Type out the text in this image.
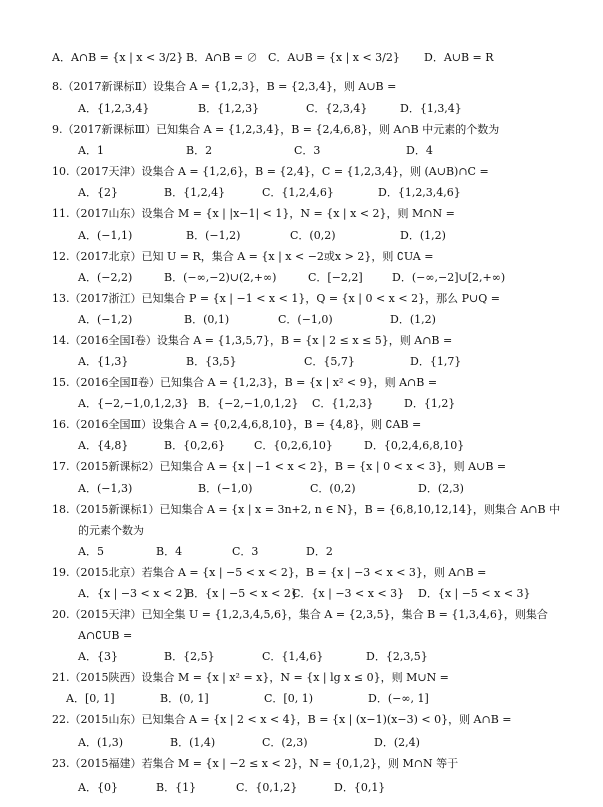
A．A∩B = {x | x < 3/2} B．A∩B = ∅ C．A∪B = {x | x < 3/2} D．A∪B = R
8.（2017新课标Ⅱ）设集合 A = {1,2,3}，B = {2,3,4}，则 A∪B =
A．{1,2,3,4}	B．{1,2,3}	C．{2,3,4}	D．{1,3,4}
9.（2017新课标Ⅲ）已知集合 A = {1,2,3,4}，B = {2,4,6,8}，则 A∩B 中元素的个数为
A．1	B．2	C．3	D．4
10.（2017天津）设集合 A = {1,2,6}，B = {2,4}，C = {1,2,3,4}，则 (A∪B)∩C =
A．{2}	B．{1,2,4}	C．{1,2,4,6}	D．{1,2,3,4,6}
11.（2017山东）设集合 M = {x | |x−1| < 1}，N = {x | x < 2}，则 M∩N =
A．(−1,1)	B．(−1,2)	C．(0,2)	D．(1,2)
12.（2017北京）已知 U = R，集合 A = {x | x < −2或x > 2}，则 ∁UA =
A．(−2,2)	B．(−∞,−2)∪(2,+∞)	C．[−2,2]	D．(−∞,−2]∪[2,+∞)
13.（2017浙江）已知集合 P = {x | −1 < x < 1}，Q = {x | 0 < x < 2}，那么 P∪Q =
A．(−1,2)	B．(0,1)	C．(−1,0)	D．(1,2)
14.（2016全国Ⅰ卷）设集合 A = {1,3,5,7}，B = {x | 2 ≤ x ≤ 5}，则 A∩B =
A．{1,3}	B．{3,5}	C．{5,7}	D．{1,7}
15.（2016全国Ⅱ卷）已知集合 A = {1,2,3}，B = {x | x² < 9}，则 A∩B =
A．{−2,−1,0,1,2,3} B．{−2,−1,0,1,2} C．{1,2,3}	D．{1,2}
16.（2016全国Ⅲ）设集合 A = {0,2,4,6,8,10}，B = {4,8}，则 ∁AB =
A．{4,8}	B．{0,2,6}	C．{0,2,6,10}	D．{0,2,4,6,8,10}
17.（2015新课标2）已知集合 A = {x | −1 < x < 2}，B = {x | 0 < x < 3}，则 A∪B =
A．(−1,3)	B．(−1,0)	C．(0,2)	D．(2,3)
18.（2015新课标1）已知集合 A = {x | x = 3n+2, n ∈ N}，B = {6,8,10,12,14}，则集合 A∩B 中
的元素个数为
A．5	B．4	C．3	D．2
19.（2015北京）若集合 A = {x | −5 < x < 2}，B = {x | −3 < x < 3}，则 A∩B =
A．{x | −3 < x < 2}
B．{x | −5 < x < 2}
C．{x | −3 < x < 3} D．{x | −5 < x < 3}
20.（2015天津）已知全集 U = {1,2,3,4,5,6}，集合 A = {2,3,5}，集合 B = {1,3,4,6}，则集合
A∩∁UB =
A．{3}	B．{2,5}	C．{1,4,6}	D．{2,3,5}
21.（2015陕西）设集合 M = {x | x² = x}，N = {x | lg x ≤ 0}，则 M∪N =
A．[0, 1]	B．(0, 1]	C．[0, 1)	D．(−∞, 1]
22.（2015山东）已知集合 A = {x | 2 < x < 4}，B = {x | (x−1)(x−3) < 0}，则 A∩B =
A．(1,3)	B．(1,4)	C．(2,3)	D．(2,4)
23.（2015福建）若集合 M = {x | −2 ≤ x < 2}，N = {0,1,2}，则 M∩N 等于
A．{0}	B．{1}	C．{0,1,2}	D．{0,1}
